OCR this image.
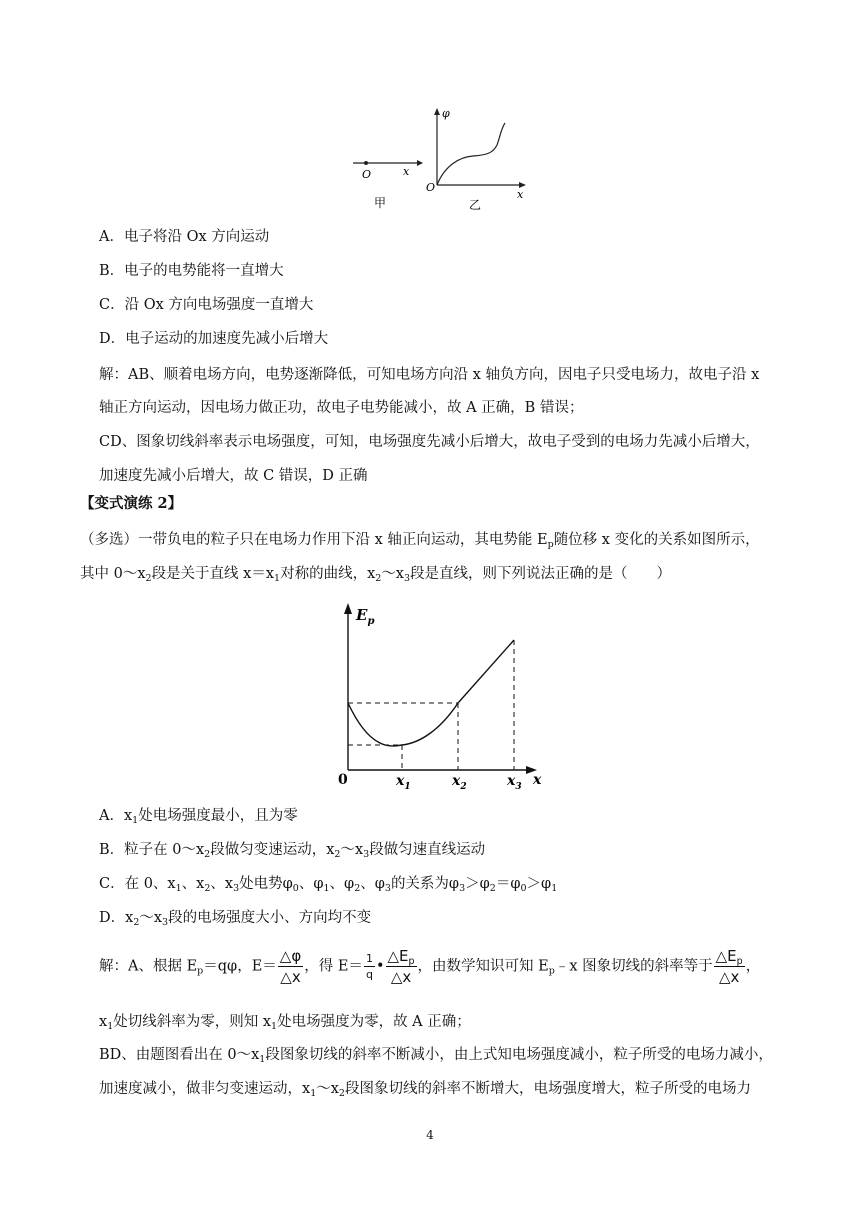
O	x
甲
φ
O
x
乙
A．电子将沿 Ox 方向运动
B．电子的电势能将一直增大
C．沿 Ox 方向电场强度一直增大
D．电子运动的加速度先减小后增大
解：AB、顺着电场方向，电势逐渐降低，可知电场方向沿 x 轴负方向，因电子只受电场力，故电子沿 x
轴正方向运动，因电场力做正功，故电子电势能减小，故 A 正确，B 错误；
CD、图象切线斜率表示电场强度，可知，电场强度先减小后增大，故电子受到的电场力先减小后增大，
加速度先减小后增大，故 C 错误，D 正确
【变式演练 2】
（多选）一带负电的粒子只在电场力作用下沿 x 轴正向运动，其电势能 $E_p$随位移 x 变化的关系如图所示，
其中 $0\sim x_2$段是关于直线 $x=x_1$对称的曲线，$x_2\sim x_3$段是直线，则下列说法正确的是（　　）
$E_p$
0	$x_1$	$x_2$	$x_3$ x
A．$x_1$处电场强度最小，且为零
B．粒子在 $0\sim x_2$段做匀变速运动，$x_2\sim x_3$段做匀速直线运动
C．在 0、$x_1$、$x_2$、$x_3$处电势$\varphi_0$、$\varphi_1$、$\varphi_2$、$\varphi_3$的关系为$\varphi_3>\varphi_2=\varphi_0>\varphi_1$
D．$x_2\sim x_3$段的电场强度大小、方向均不变
解：A、根据 $E_p=q\varphi$，$E= \frac{\triangle\varphi}{\triangle x}$ ，得 $E= \frac{1}{q}$ • $\frac{\triangle E_p}{\triangle x}$ ，由数学知识可知 $E_p﹣x$ 图象切线的斜率等于 $\frac{\triangle E_p}{\triangle x}$ ，
$x_1$处切线斜率为零，则知 $x_1$处电场强度为零，故 A 正确；
BD、由题图看出在 $0\sim x_1$段图象切线的斜率不断减小，由上式知电场强度减小，粒子所受的电场力减小，
加速度减小，做非匀变速运动，$x_1\sim x_2$段图象切线的斜率不断增大，电场强度增大，粒子所受的电场力
4
